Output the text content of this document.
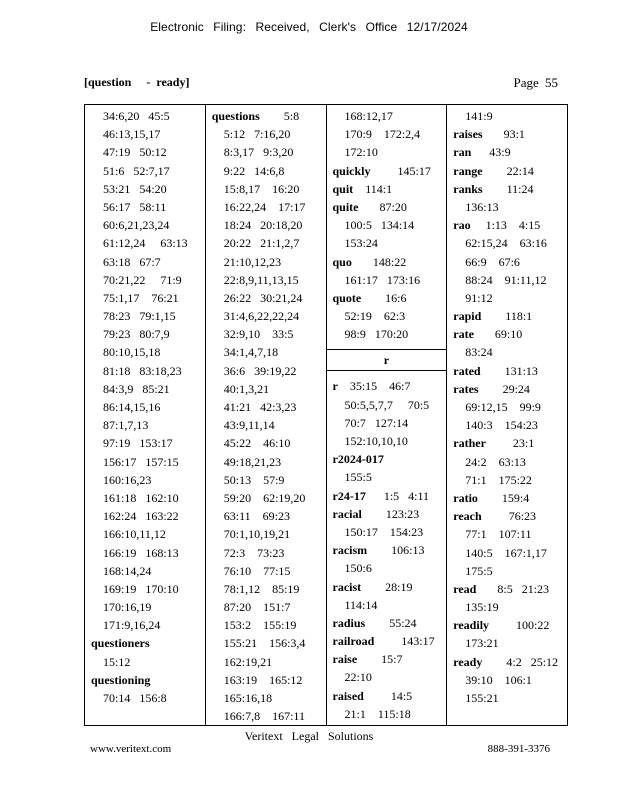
Electronic Filing: Received, Clerk's Office 12/17/2024
[question     -  ready]	Page 55
34:6,20   45:5
46:13,15,17
47:19   50:12
51:6   52:7,17
53:21   54:20
56:17   58:11
60:6,21,23,24
61:12,24     63:13
63:18   67:7
70:21,22     71:9
75:1,17    76:21
78:23   79:1,15
79:23   80:7,9
80:10,15,18
81:18   83:18,23
84:3,9   85:21
86:14,15,16
87:1,7,13
97:19   153:17
156:17   157:15
160:16,23
161:18   162:10
162:24   163:22
166:10,11,12
166:19   168:13
168:14,24
169:19   170:10
170:16,19
171:9,16,24
questioners
15:12
questioning
70:14   156:8
questions        5:8
5:12   7:16,20
8:3,17   9:3,20
9:22   14:6,8
15:8,17    16:20
16:22,24    17:17
18:24   20:18,20
20:22   21:1,2,7
21:10,12,23
22:8,9,11,13,15
26:22   30:21,24
31:4,6,22,22,24
32:9,10    33:5
34:1,4,7,18
36:6   39:19,22
40:1,3,21
41:21   42:3,23
43:9,11,14
45:22    46:10
49:18,21,23
50:13    57:9
59:20    62:19,20
63:11    69:23
70:1,10,19,21
72:3    73:23
76:10    77:15
78:1,12    85:19
87:20    151:7
153:2    155:19
155:21    156:3,4
162:19,21
163:19    165:12
165:16,18
166:7,8    167:11
168:12,17
170:9    172:2,4
172:10
quickly         145:17
quit    114:1
quite       87:20
100:5   134:14
153:24
quo       148:22
161:17   173:16
quote        16:6
52:19    62:3
98:9   170:20
r
r    35:15    46:7
50:5,5,7,7     70:5
70:7   127:14
152:10,10,10
r2024-017
155:5
r24-17      1:5   4:11
racial        123:23
150:17    154:23
racism        106:13
150:6
racist        28:19
114:14
radius        55:24
railroad         143:17
raise        15:7
22:10
raised         14:5
21:1    115:18
141:9
raises       93:1
ran      43:9
range        22:14
ranks        11:24
136:13
rao     1:13    4:15
62:15,24    63:16
66:9    67:6
88:24    91:11,12
91:12
rapid        118:1
rate       69:10
83:24
rated        131:13
rates        29:24
69:12,15    99:9
140:3    154:23
rather         23:1
24:2    63:13
71:1    175:22
ratio        159:4
reach         76:23
77:1    107:11
140:5    167:1,17
175:5
read       8:5   21:23
135:19
readily         100:22
173:21
ready        4:2   25:12
39:10    106:1
155:21
Veritext Legal Solutions
www.veritext.com	888-391-3376
